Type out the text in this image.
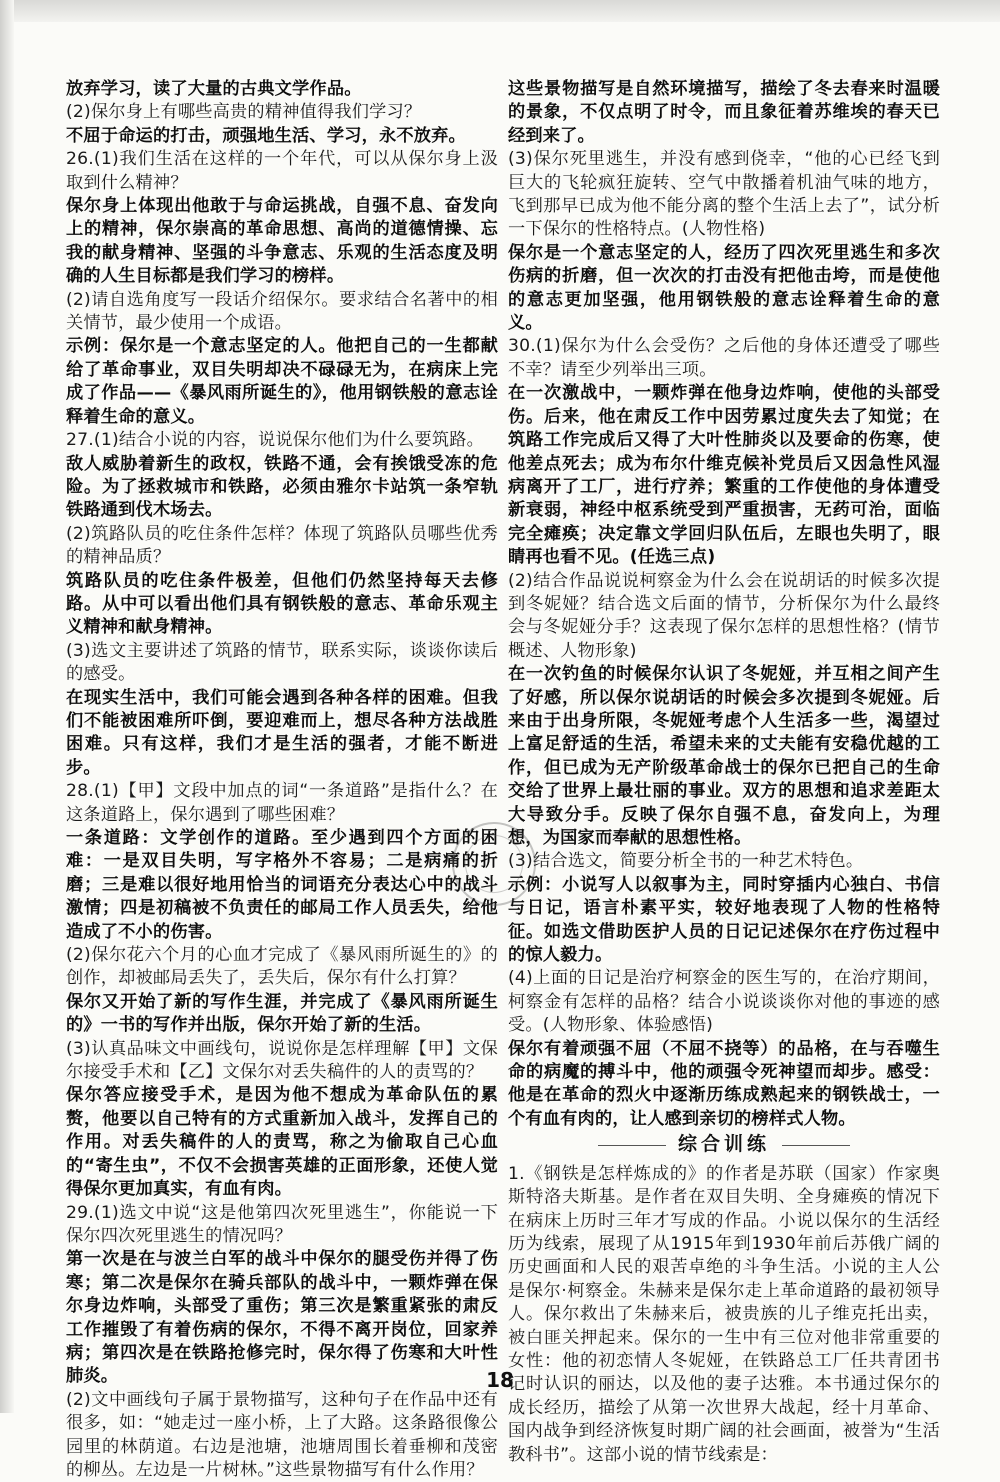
放弃学习，读了大量的古典文学作品。

(2)保尔身上有哪些高贵的精神值得我们学习？

不屈于命运的打击，顽强地生活、学习，永不放弃。

26.(1)我们生活在这样的一个年代，可以从保尔身上汲取到什么精神？

保尔身上体现出他敢于与命运挑战，自强不息、奋发向上的精神，保尔崇高的革命思想、高尚的道德情操、忘我的献身精神、坚强的斗争意志、乐观的生活态度及明确的人生目标都是我们学习的榜样。

(2)请自选角度写一段话介绍保尔。要求结合名著中的相关情节，最少使用一个成语。

示例：保尔是一个意志坚定的人。他把自己的一生都献给了革命事业，双目失明却决不碌碌无为，在病床上完成了作品——《暴风雨所诞生的》，他用钢铁般的意志诠释着生命的意义。

27.(1)结合小说的内容，说说保尔他们为什么要筑路。

敌人威胁着新生的政权，铁路不通，会有挨饿受冻的危险。为了拯救城市和铁路，必须由雅尔卡站筑一条窄轨铁路通到伐木场去。

(2)筑路队员的吃住条件怎样？体现了筑路队员哪些优秀的精神品质？

筑路队员的吃住条件极差，但他们仍然坚持每天去修路。从中可以看出他们具有钢铁般的意志、革命乐观主义精神和献身精神。

(3)选文主要讲述了筑路的情节，联系实际，谈谈你读后的感受。

在现实生活中，我们可能会遇到各种各样的困难。但我们不能被困难所吓倒，要迎难而上，想尽各种方法战胜困难。只有这样，我们才是生活的强者，才能不断进步。

28.(1)【甲】文段中加点的词“一条道路”是指什么？在这条道路上，保尔遇到了哪些困难？

一条道路：文学创作的道路。至少遇到四个方面的困难：一是双目失明，写字格外不容易；二是病痛的折磨；三是难以很好地用恰当的词语充分表达心中的战斗激情；四是初稿被不负责任的邮局工作人员丢失，给他造成了不小的伤害。

(2)保尔花六个月的心血才完成了《暴风雨所诞生的》的创作，却被邮局丢失了，丢失后，保尔有什么打算？

保尔又开始了新的写作生涯，并完成了《暴风雨所诞生的》一书的写作并出版，保尔开始了新的生活。

(3)认真品味文中画线句，说说你是怎样理解【甲】文保尔接受手术和【乙】文保尔对丢失稿件的人的责骂的？

保尔答应接受手术，是因为他不想成为革命队伍的累赘，他要以自己特有的方式重新加入战斗，发挥自己的作用。对丢失稿件的人的责骂，称之为偷取自己心血的“寄生虫”，不仅不会损害英雄的正面形象，还使人觉得保尔更加真实，有血有肉。

29.(1)选文中说“这是他第四次死里逃生”，你能说一下保尔四次死里逃生的情况吗？

第一次是在与波兰白军的战斗中保尔的腿受伤并得了伤寒；第二次是保尔在骑兵部队的战斗中，一颗炸弹在保尔身边炸响，头部受了重伤；第三次是繁重紧张的肃反工作摧毁了有着伤病的保尔，不得不离开岗位，回家养病；第四次是在铁路抢修完时，保尔得了伤寒和大叶性肺炎。

(2)文中画线句子属于景物描写，这种句子在作品中还有很多，如：“她走过一座小桥，上了大路。这条路很像公园里的林荫道。右边是池塘，池塘周围长着垂柳和茂密的柳丛。左边是一片树林。”这些景物描写有什么作用？

这些景物描写是自然环境描写，描绘了冬去春来时温暖的景象，不仅点明了时令，而且象征着苏维埃的春天已经到来了。

(3)保尔死里逃生，并没有感到侥幸，“他的心已经飞到巨大的飞轮疯狂旋转、空气中散播着机油气味的地方，飞到那早已成为他不能分离的整个生活上去了”，试分析一下保尔的性格特点。(人物性格)

保尔是一个意志坚定的人，经历了四次死里逃生和多次伤病的折磨，但一次次的打击没有把他击垮，而是使他的意志更加坚强，他用钢铁般的意志诠释着生命的意义。

30.(1)保尔为什么会受伤？之后他的身体还遭受了哪些不幸？请至少列举出三项。

在一次激战中，一颗炸弹在他身边炸响，使他的头部受伤。后来，他在肃反工作中因劳累过度失去了知觉；在筑路工作完成后又得了大叶性肺炎以及要命的伤寒，使他差点死去；成为布尔什维克候补党员后又因急性风湿病离开了工厂，进行疗养；繁重的工作使他的身体遭受新衰弱，神经中枢系统受到严重损害，无药可治，面临完全瘫痪；决定靠文学回归队伍后，左眼也失明了，眼睛再也看不见。(任选三点)

(2)结合作品说说柯察金为什么会在说胡话的时候多次提到冬妮娅？结合选文后面的情节，分析保尔为什么最终会与冬妮娅分手？这表现了保尔怎样的思想性格？(情节概述、人物形象)

在一次钓鱼的时候保尔认识了冬妮娅，并互相之间产生了好感，所以保尔说胡话的时候会多次提到冬妮娅。后来由于出身所限，冬妮娅考虑个人生活多一些，渴望过上富足舒适的生活，希望未来的丈夫能有安稳优越的工作，但已成为无产阶级革命战士的保尔已把自己的生命交给了世界上最壮丽的事业。双方的思想和追求差距太大导致分手。反映了保尔自强不息，奋发向上，为理想，为国家而奉献的思想性格。

(3)结合选文，简要分析全书的一种艺术特色。

示例：小说写人以叙事为主，同时穿插内心独白、书信与日记，语言朴素平实，较好地表现了人物的性格特征。如选文借助医护人员的日记记述保尔在疗伤过程中的惊人毅力。

(4)上面的日记是治疗柯察金的医生写的，在治疗期间，柯察金有怎样的品格？结合小说谈谈你对他的事迹的感受。(人物形象、体验感悟)

保尔有着顽强不屈（不屈不挠等）的品格，在与吞噬生命的病魔的搏斗中，他的顽强令死神望而却步。感受：他是在革命的烈火中逐渐历练成熟起来的钢铁战士，一个有血有肉的，让人感到亲切的榜样式人物。

综合训练

1.《钢铁是怎样炼成的》的作者是苏联（国家）作家奥斯特洛夫斯基。是作者在双目失明、全身瘫痪的情况下在病床上历时三年才写成的作品。小说以保尔的生活经历为线索，展现了从1915年到1930年前后苏俄广阔的历史画面和人民的艰苦卓绝的斗争生活。小说的主人公是保尔·柯察金。朱赫来是保尔走上革命道路的最初领导人。保尔救出了朱赫来后，被贵族的儿子维克托出卖，被白匪关押起来。保尔的一生中有三位对他非常重要的女性：他的初恋情人冬妮娅，在铁路总工厂任共青团书记时认识的丽达，以及他的妻子达雅。本书通过保尔的成长经历，描绘了从第一次世界大战起，经十月革命、国内战争到经济恢复时期广阔的社会画面，被誉为“生活教科书”。这部小说的情节线索是：

18
